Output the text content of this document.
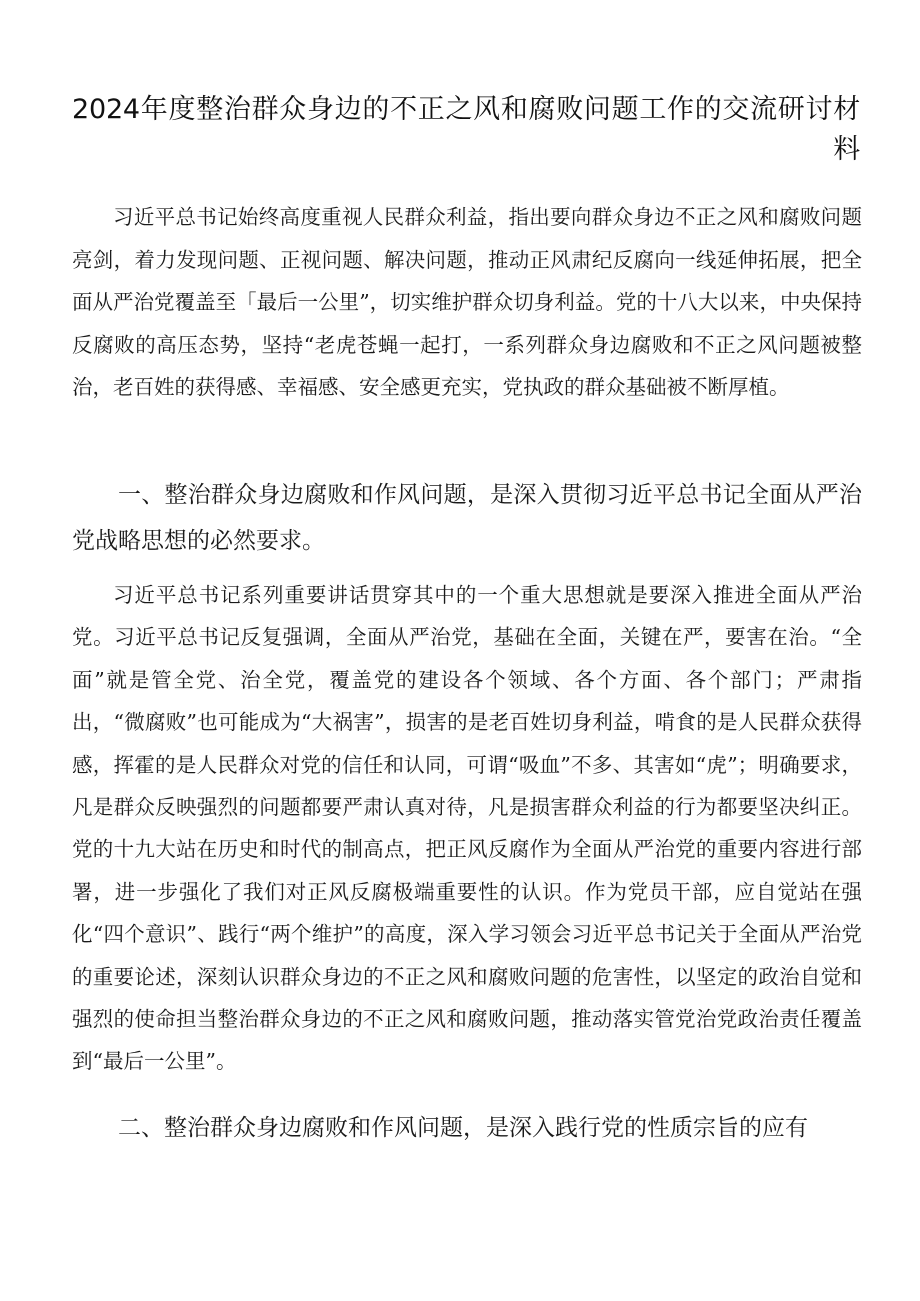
2024年度整治群众身边的不正之风和腐败问题工作的交流研讨材料

习近平总书记始终高度重视人民群众利益，指出要向群众身边不正之风和腐败问题亮剑，着力发现问题、正视问题、解决问题，推动正风肃纪反腐向一线延伸拓展，把全面从严治党覆盖至「最后一公里”，切实维护群众切身利益。党的十八大以来，中央保持反腐败的高压态势，坚持“老虎苍蝇一起打，一系列群众身边腐败和不正之风问题被整治，老百姓的获得感、幸福感、安全感更充实，党执政的群众基础被不断厚植。

一、整治群众身边腐败和作风问题，是深入贯彻习近平总书记全面从严治党战略思想的必然要求。

习近平总书记系列重要讲话贯穿其中的一个重大思想就是要深入推进全面从严治党。习近平总书记反复强调，全面从严治党，基础在全面，关键在严，要害在治。“全面”就是管全党、治全党，覆盖党的建设各个领域、各个方面、各个部门；严肃指出，“微腐败”也可能成为“大祸害”，损害的是老百姓切身利益，啃食的是人民群众获得感，挥霍的是人民群众对党的信任和认同，可谓“吸血”不多、其害如“虎”；明确要求，凡是群众反映强烈的问题都要严肃认真对待，凡是损害群众利益的行为都要坚决纠正。党的十九大站在历史和时代的制高点，把正风反腐作为全面从严治党的重要内容进行部署，进一步强化了我们对正风反腐极端重要性的认识。作为党员干部，应自觉站在强化“四个意识”、践行“两个维护”的高度，深入学习领会习近平总书记关于全面从严治党的重要论述，深刻认识群众身边的不正之风和腐败问题的危害性，以坚定的政治自觉和强烈的使命担当整治群众身边的不正之风和腐败问题，推动落实管党治党政治责任覆盖到“最后一公里”。

二、整治群众身边腐败和作风问题，是深入践行党的性质宗旨的应有
